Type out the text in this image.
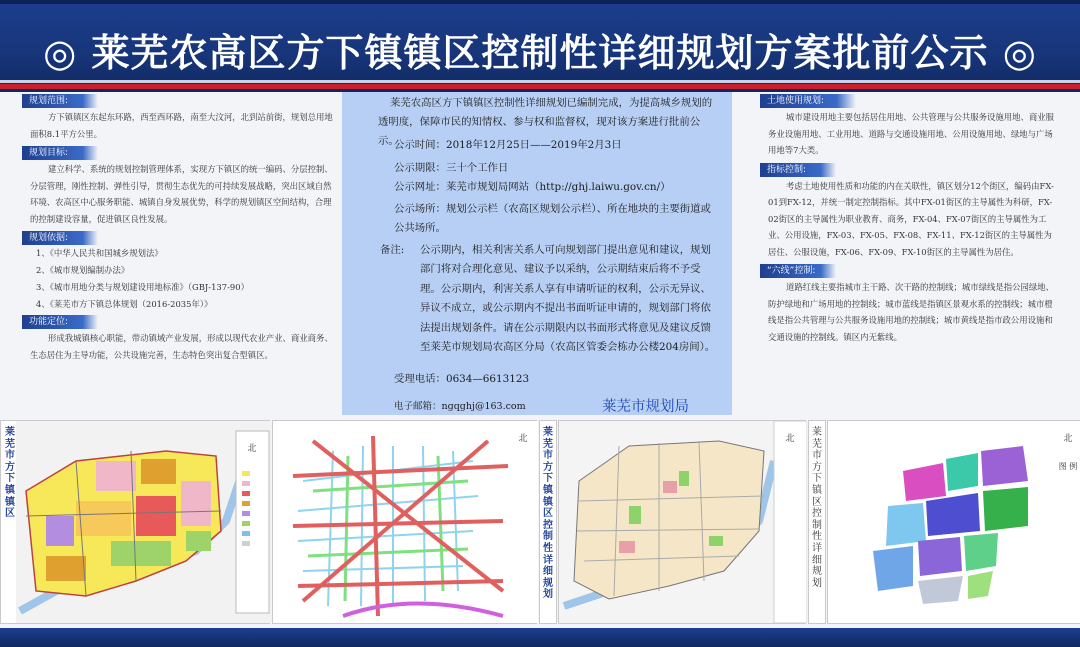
◎ 莱芜农高区方下镇镇区控制性详细规划方案批前公示 ◎
规划范围:
方下镇镇区东起东环路，西至西环路，南至大汶河，北到站前街，规划总用地面积8.1平方公里。
规划目标:
建立科学、系统的规划控制管理体系，实现方下镇区的统一编码、分层控制、分层管理，刚性控制、弹性引导，贯彻生态优先的可持续发展战略，突出区域自然环境、农高区中心服务职能、城镇自身发展优势，科学的规划镇区空间结构，合理的控制建设容量，促进镇区良性发展。
规划依据:
1、《中华人民共和国城乡规划法》
2、《城市规划编制办法》
3、《城市用地分类与规划建设用地标准》（GBJ-137-90）
4、《莱芜市方下镇总体规划（2016-2035年）》
功能定位:
形成我城镇核心职能，带动镇域产业发展，形成以现代农业产业、商业商务、生态居住为主导功能，公共设施完善，生态特色突出复合型镇区。
莱芜农高区方下镇镇区控制性详细规划已编制完成，为提高城乡规划的透明度，保障市民的知情权、参与权和监督权，现对该方案进行批前公示。
公示时间：2018年12月25日——2019年2月3日
公示期限：三十个工作日
公示网址：莱芜市规划局网站（http://ghj.laiwu.gov.cn/）
公示场所：规划公示栏（农高区规划公示栏）、所在地块的主要街道或公共场所。
备注: 公示期内，相关利害关系人可向规划部门提出意见和建议，规划部门将对合理化意见、建议予以采纳，公示期结束后将不予受理。公示期内，利害关系人享有申请听证的权利，公示无异议、异议不成立，或公示期内不提出书面听证申请的，规划部门将依法提出规划条件。请在公示期限内以书面形式将意见及建议反馈至莱芜市规划局农高区分局（农高区管委会栋办公楼204房间）。
受理电话：0634—6613123
电子邮箱：ngqghj@163.com	莱芜市规划局
土地使用规划:
城市建设用地主要包括居住用地、公共管理与公共服务设施用地、商业服务业设施用地、工业用地、道路与交通设施用地、公用设施用地、绿地与广场用地等7大类。
指标控制:
考虑土地使用性质和功能的内在关联性，镇区划分12个街区，编码由FX-01到FX-12，并统一制定控制指标。其中FX-01街区的主导属性为科研，FX-02街区的主导属性为职业教育、商务，FX-04、FX-07街区的主导属性为工业、公用设施，FX-03、FX-05、FX-08、FX-11、FX-12街区的主导属性为居住、公服设施，FX-06、FX-09、FX-10街区的主导属性为居住。
“六线”控制:
道路红线主要指城市主干路、次干路的控制线；城市绿线是指公园绿地、防护绿地和广场用地的控制线；城市蓝线是指镇区景观水系的控制线；城市橙线是指公共管理与公共服务设施用地的控制线；城市黄线是指市政公用设施和交通设施的控制线。镇区内无紫线。
莱芜市方下镇镇区
北
北
莱芜市方下镇镇区控制性详细规划
北
莱芜市方下镇区控制性详细规划
北
图 例
